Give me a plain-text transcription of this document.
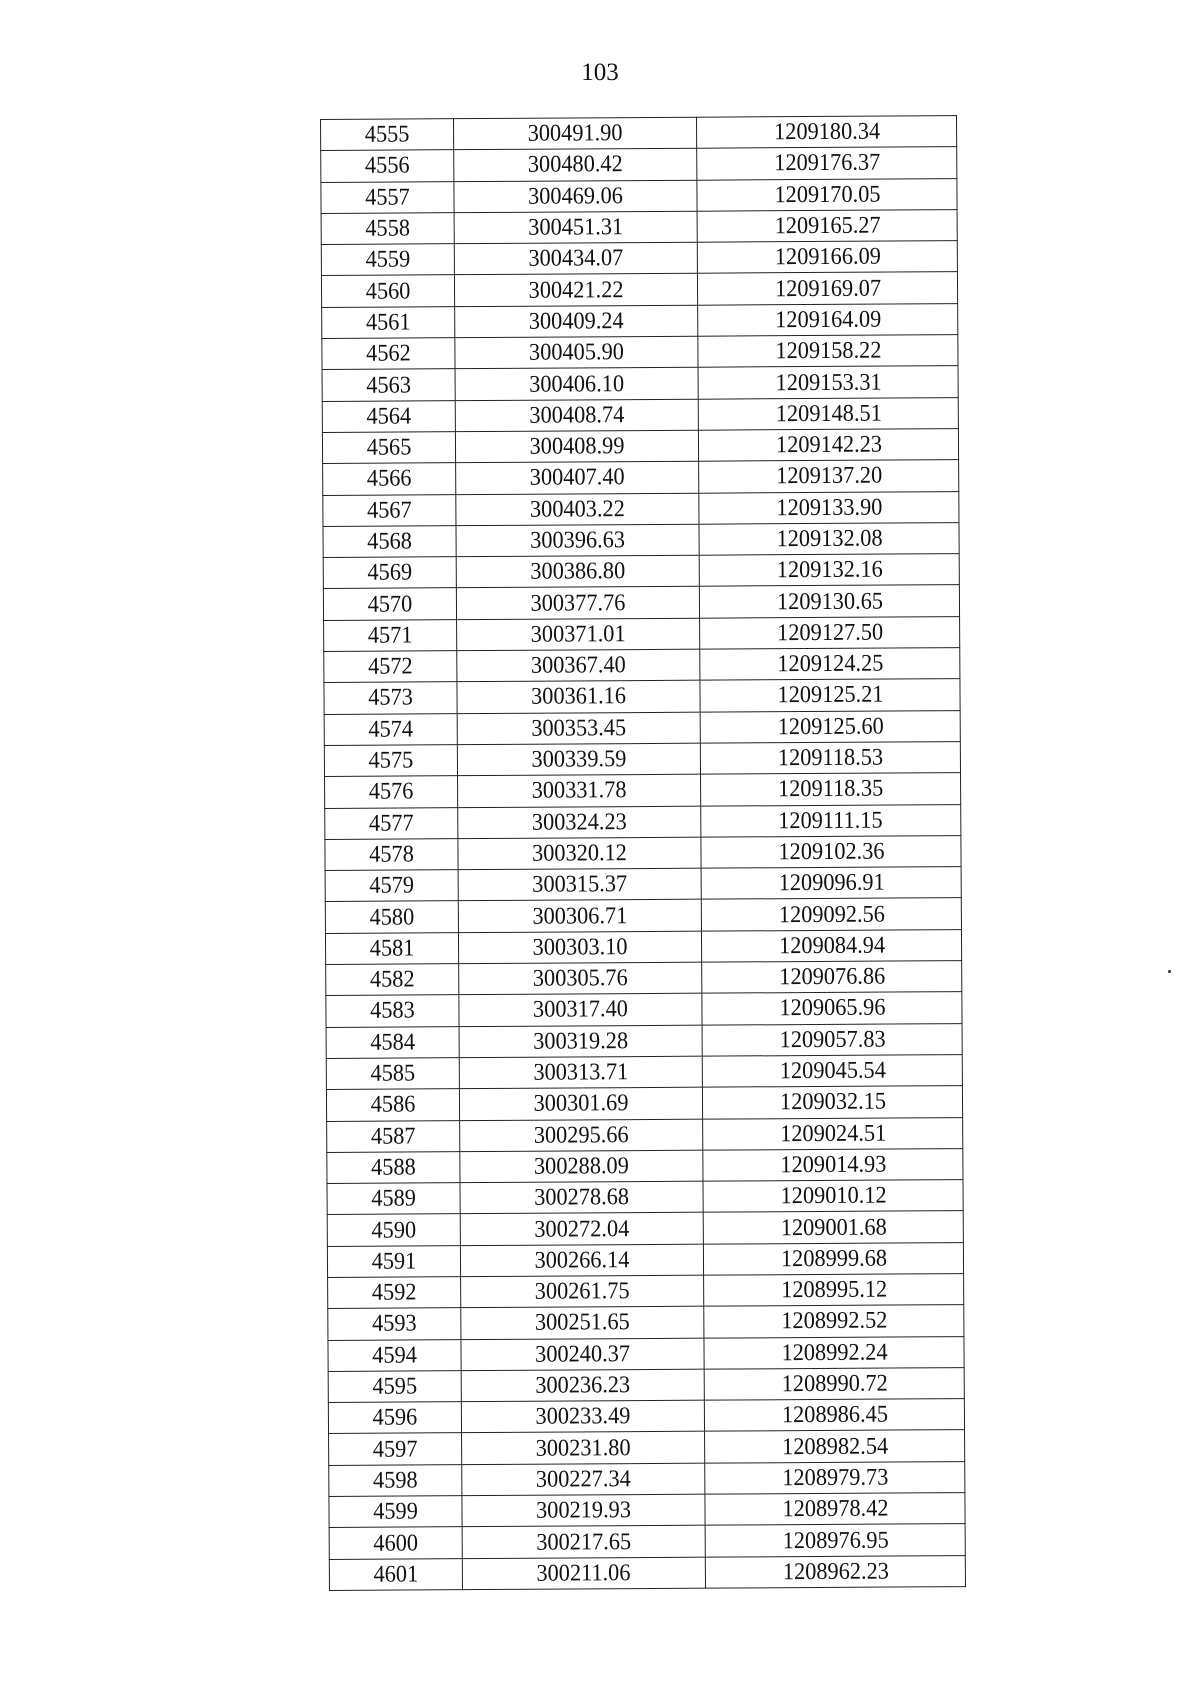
103
4555	300491.90	1209180.34
4556	300480.42	1209176.37
4557	300469.06	1209170.05
4558	300451.31	1209165.27
4559	300434.07	1209166.09
4560	300421.22	1209169.07
4561	300409.24	1209164.09
4562	300405.90	1209158.22
4563	300406.10	1209153.31
4564	300408.74	1209148.51
4565	300408.99	1209142.23
4566	300407.40	1209137.20
4567	300403.22	1209133.90
4568	300396.63	1209132.08
4569	300386.80	1209132.16
4570	300377.76	1209130.65
4571	300371.01	1209127.50
4572	300367.40	1209124.25
4573	300361.16	1209125.21
4574	300353.45	1209125.60
4575	300339.59	1209118.53
4576	300331.78	1209118.35
4577	300324.23	1209111.15
4578	300320.12	1209102.36
4579	300315.37	1209096.91
4580	300306.71	1209092.56
4581	300303.10	1209084.94
4582	300305.76	1209076.86
4583	300317.40	1209065.96
4584	300319.28	1209057.83
4585	300313.71	1209045.54
4586	300301.69	1209032.15
4587	300295.66	1209024.51
4588	300288.09	1209014.93
4589	300278.68	1209010.12
4590	300272.04	1209001.68
4591	300266.14	1208999.68
4592	300261.75	1208995.12
4593	300251.65	1208992.52
4594	300240.37	1208992.24
4595	300236.23	1208990.72
4596	300233.49	1208986.45
4597	300231.80	1208982.54
4598	300227.34	1208979.73
4599	300219.93	1208978.42
4600	300217.65	1208976.95
4601	300211.06	1208962.23
